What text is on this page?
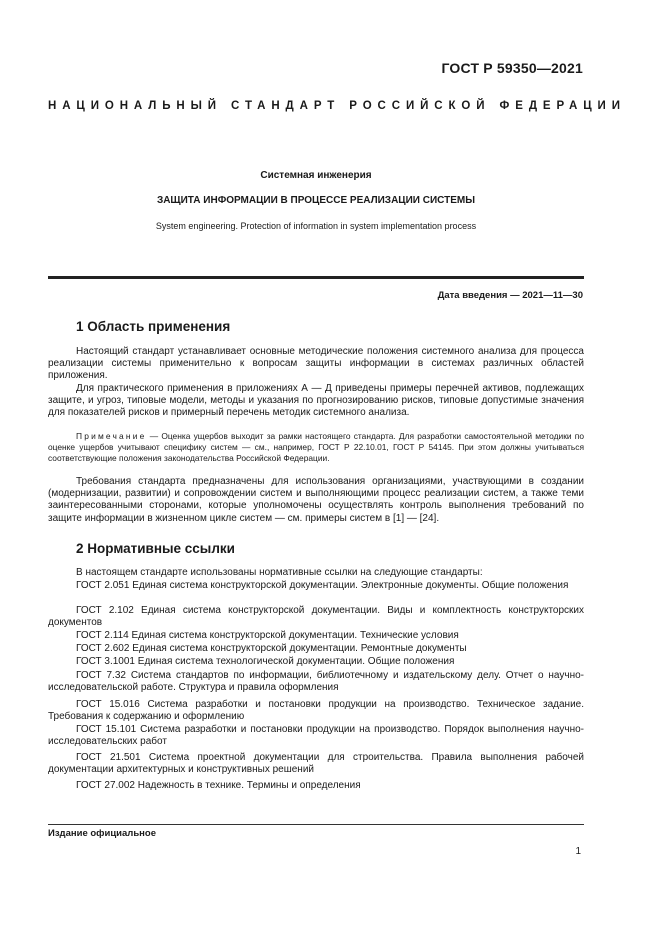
ГОСТ Р 59350—2021
НАЦИОНАЛЬНЫЙ СТАНДАРТ РОССИЙСКОЙ ФЕДЕРАЦИИ
Системная инженерия
ЗАЩИТА ИНФОРМАЦИИ В ПРОЦЕССЕ РЕАЛИЗАЦИИ СИСТЕМЫ
System engineering. Protection of information in system implementation process
Дата введения — 2021—11—30
1 Область применения

Настоящий стандарт устанавливает основные методические положения системного анализа для процесса реализации системы применительно к вопросам защиты информации в системах различных областей приложения.

Для практического применения в приложениях А — Д приведены примеры перечней активов, подлежащих защите, и угроз, типовые модели, методы и указания по прогнозированию рисков, типовые допустимые значения для показателей рисков и примерный перечень методик системного анализа.

Примечание — Оценка ущербов выходит за рамки настоящего стандарта. Для разработки самостоятельной методики по оценке ущербов учитывают специфику систем — см., например, ГОСТ Р 22.10.01, ГОСТ Р 54145. При этом должны учитываться соответствующие положения законодательства Российской Федерации.

Требования стандарта предназначены для использования организациями, участвующими в создании (модернизации, развитии) и сопровождении систем и выполняющими процесс реализации систем, а также теми заинтересованными сторонами, которые уполномочены осуществлять контроль выполнения требований по защите информации в жизненном цикле систем — см. примеры систем в [1] — [24].

2 Нормативные ссылки

В настоящем стандарте использованы нормативные ссылки на следующие стандарты:

ГОСТ 2.051 Единая система конструкторской документации. Электронные документы. Общие положения

ГОСТ 2.102 Единая система конструкторской документации. Виды и комплектность конструкторских документов

ГОСТ 2.114 Единая система конструкторской документации. Технические условия

ГОСТ 2.602 Единая система конструкторской документации. Ремонтные документы

ГОСТ 3.1001 Единая система технологической документации. Общие положения

ГОСТ 7.32 Система стандартов по информации, библиотечному и издательскому делу. Отчет о научно-исследовательской работе. Структура и правила оформления

ГОСТ 15.016 Система разработки и постановки продукции на производство. Техническое задание. Требования к содержанию и оформлению

ГОСТ 15.101 Система разработки и постановки продукции на производство. Порядок выполнения научно-исследовательских работ

ГОСТ 21.501 Система проектной документации для строительства. Правила выполнения рабочей документации архитектурных и конструктивных решений

ГОСТ 27.002 Надежность в технике. Термины и определения

Издание официальное
1
